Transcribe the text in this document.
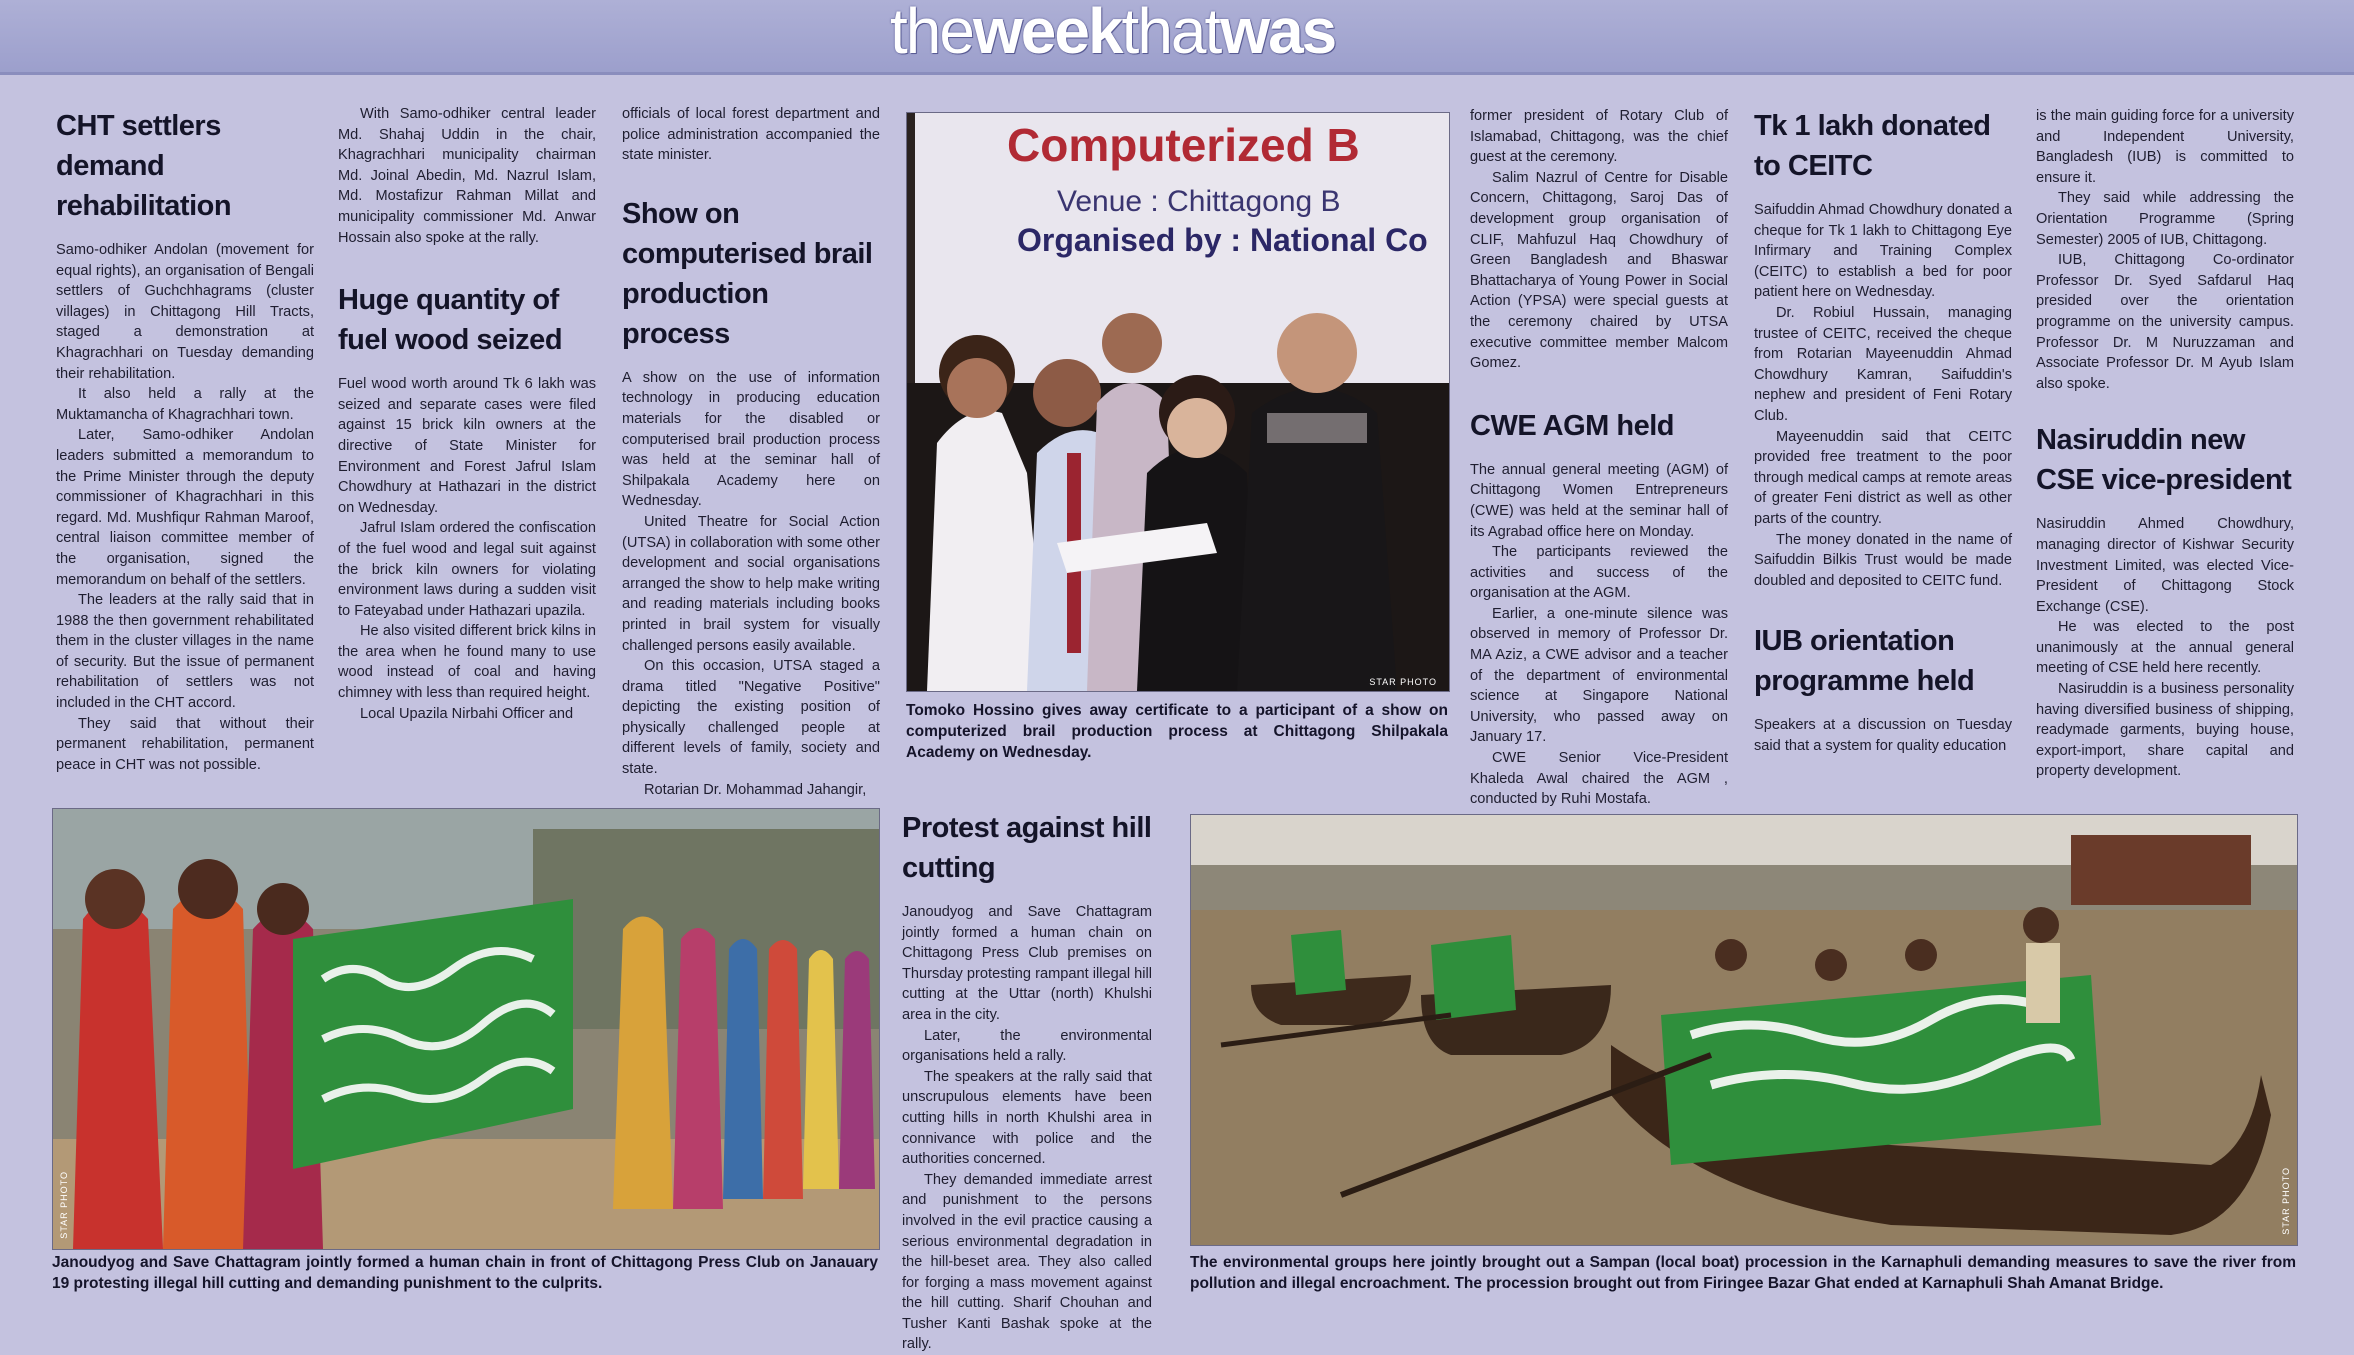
theweekthatwas
CHT settlers demand rehabilitation

Samo-odhiker Andolan (movement for equal rights), an organisation of Bengali settlers of Guchchhagrams (cluster villages) in Chittagong Hill Tracts, staged a demonstration at Khagrachhari on Tuesday demanding their rehabilitation.

It also held a rally at the Muktamancha of Khagrachhari town.

Later, Samo-odhiker Andolan leaders submitted a memorandum to the Prime Minister through the deputy commissioner of Khagrachhari in this regard. Md. Mushfiqur Rahman Maroof, central liaison committee member of the organisation, signed the memorandum on behalf of the settlers.

The leaders at the rally said that in 1988 the then government rehabilitated them in the cluster villages in the name of security. But the issue of permanent rehabilitation of settlers was not included in the CHT accord.

They said that without their permanent rehabilitation, permanent peace in CHT was not possible.

With Samo-odhiker central leader Md. Shahaj Uddin in the chair, Khagrachhari municipality chairman Md. Joinal Abedin, Md. Nazrul Islam, Md. Mostafizur Rahman Millat and municipality commissioner Md. Anwar Hossain also spoke at the rally.

Huge quantity of fuel wood seized

Fuel wood worth around Tk 6 lakh was seized and separate cases were filed against 15 brick kiln owners at the directive of State Minister for Environment and Forest Jafrul Islam Chowdhury at Hathazari in the district on Wednesday.

Jafrul Islam ordered the confiscation of the fuel wood and legal suit against the brick kiln owners for violating environment laws during a sudden visit to Fateyabad under Hathazari upazila.

He also visited different brick kilns in the area when he found many to use wood instead of coal and having chimney with less than required height.

Local Upazila Nirbahi Officer and

officials of local forest department and police administration accompanied the state minister.

Show on computerised brail production process

A show on the use of information technology in producing education materials for the disabled or computerised brail production process was held at the seminar hall of Shilpakala Academy here on Wednesday.

United Theatre for Social Action (UTSA) in collaboration with some other development and social organisations arranged the show to help make writing and reading materials including books printed in brail system for visually challenged persons easily available.

On this occasion, UTSA staged a drama titled "Negative Positive" depicting the existing position of physically challenged people at different levels of family, society and state.

Rotarian Dr. Mohammad Jahangir,

Computerized B
Venue : Chittagong B
Organised by : National Co
STAR PHOTO
Tomoko Hossino gives away certificate to a participant of a show on computerized brail production process at Chittagong Shilpakala Academy on Wednesday.

former president of Rotary Club of Islamabad, Chittagong, was the chief guest at the ceremony.

Salim Nazrul of Centre for Disable Concern, Chittagong, Saroj Das of development group organisation of CLIF, Mahfuzul Haq Chowdhury of Green Bangladesh and Bhaswar Bhattacharya of Young Power in Social Action (YPSA) were special guests at the ceremony chaired by UTSA executive committee member Malcom Gomez.

CWE AGM held

The annual general meeting (AGM) of Chittagong Women Entrepreneurs (CWE) was held at the seminar hall of its Agrabad office here on Monday.

The participants reviewed the activities and success of the organisation at the AGM.

Earlier, a one-minute silence was observed in memory of Professor Dr. MA Aziz, a CWE advisor and a teacher of the department of environmental science at Singapore National University, who passed away on January 17.

CWE Senior Vice-President Khaleda Awal chaired the AGM , conducted by Ruhi Mostafa.

Tk 1 lakh donated to CEITC

Saifuddin Ahmad Chowdhury donated a cheque for Tk 1 lakh to Chittagong Eye Infirmary and Training Complex (CEITC) to establish a bed for poor patient here on Wednesday.

Dr. Robiul Hussain, managing trustee of CEITC, received the cheque from Rotarian Mayeenuddin Ahmad Chowdhury Kamran, Saifuddin's nephew and president of Feni Rotary Club.

Mayeenuddin said that CEITC provided free treatment to the poor through medical camps at remote areas of greater Feni district as well as other parts of the country.

The money donated in the name of Saifuddin Bilkis Trust would be made doubled and deposited to CEITC fund.

IUB orientation programme held

Speakers at a discussion on Tuesday said that a system for quality education

is the main guiding force for a university and Independent University, Bangladesh (IUB) is committed to ensure it.

They said while addressing the Orientation Programme (Spring Semester) 2005 of IUB, Chittagong.

IUB, Chittagong Co-ordinator Professor Dr. Syed Safdarul Haq presided over the orientation programme on the university campus. Professor Dr. M Nuruzzaman and Associate Professor Dr. M Ayub Islam also spoke.

Nasiruddin new CSE vice-president

Nasiruddin Ahmed Chowdhury, managing director of Kishwar Security Investment Limited, was elected Vice-President of Chittagong Stock Exchange (CSE).

He was elected to the post unanimously at the annual general meeting of CSE held here recently.

Nasiruddin is a business personality having diversified business of shipping, readymade garments, buying house, export-import, share capital and property development.

STAR PHOTO
Janoudyog and Save Chattagram jointly formed a human chain in front of Chittagong Press Club on Janauary 19 protesting illegal hill cutting and demanding punishment to the culprits.
Protest against hill cutting

Janoudyog and Save Chattagram jointly formed a human chain on Chittagong Press Club premises on Thursday protesting rampant illegal hill cutting at the Uttar (north) Khulshi area in the city.

Later, the environmental organisations held a rally.

The speakers at the rally said that unscrupulous elements have been cutting hills in north Khulshi area in connivance with police and the authorities concerned.

They demanded immediate arrest and punishment to the persons involved in the evil practice causing a serious environmental degradation in the hill-beset area. They also called for forging a mass movement against the hill cutting. Sharif Chouhan and Tusher Kanti Bashak spoke at the rally.

STAR PHOTO
The environmental groups here jointly brought out a Sampan (local boat) procession in the Karnaphuli demanding measures to save the river from pollution and illegal encroachment. The procession brought out from Firingee Bazar Ghat ended at Karnaphuli Shah Amanat Bridge.
